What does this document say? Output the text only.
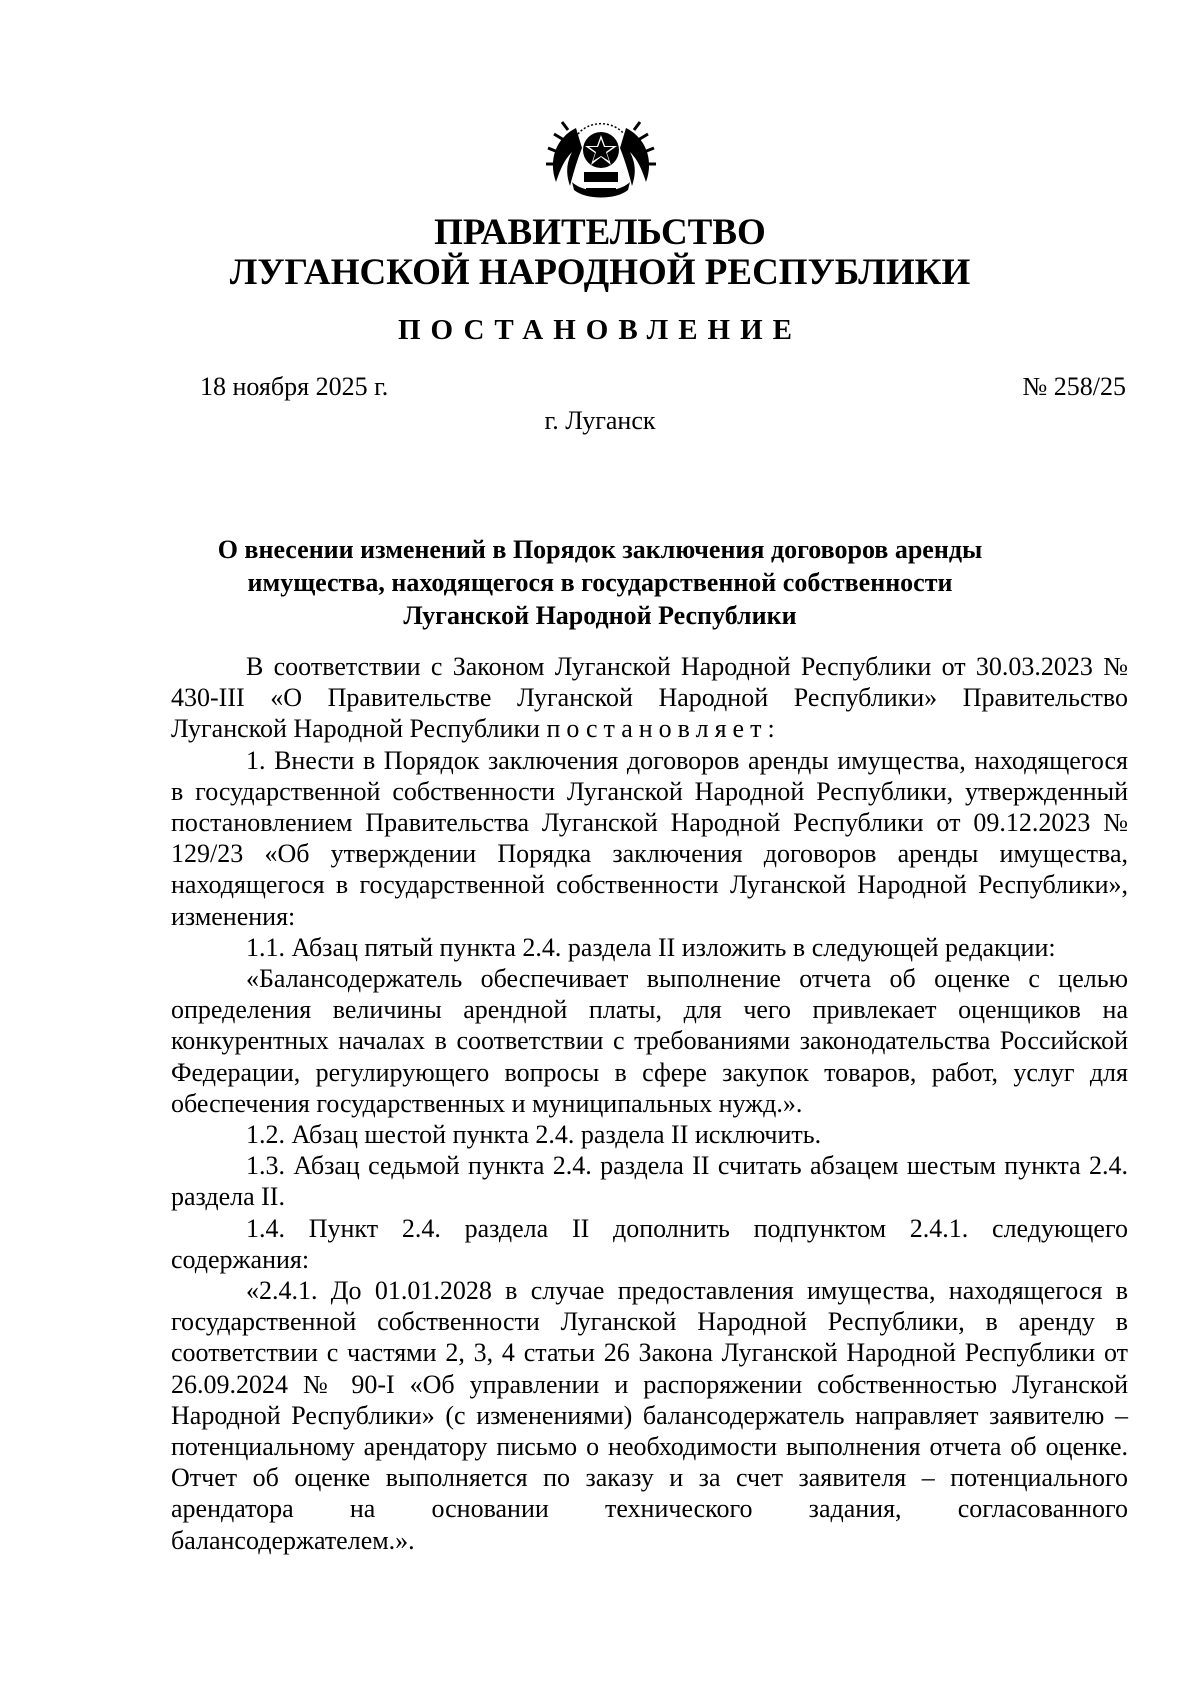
ПРАВИТЕЛЬСТВО
ЛУГАНСКОЙ НАРОДНОЙ РЕСПУБЛИКИ
ПОСТАНОВЛЕНИЕ
18 ноября 2025 г.	№ 258/25
г. Луганск
О внесении изменений в Порядок заключения договоров аренды
имущества, находящегося в государственной собственности
Луганской Народной Республики

В соответствии с Законом Луганской Народной Республики от 30.03.2023 № 430-III «О Правительстве Луганской Народной Республики» Правительство Луганской Народной Республики постановляет:

1. Внести в Порядок заключения договоров аренды имущества, находящегося в государственной собственности Луганской Народной Республики, утвержденный постановлением Правительства Луганской Народной Республики от 09.12.2023 № 129/23 «Об утверждении Порядка заключения договоров аренды имущества, находящегося в государственной собственности Луганской Народной Республики», изменения:

1.1. Абзац пятый пункта 2.4. раздела II изложить в следующей редакции:

«Балансодержатель обеспечивает выполнение отчета об оценке с целью определения величины арендной платы, для чего привлекает оценщиков на конкурентных началах в соответствии с требованиями законодательства Российской Федерации, регулирующего вопросы в сфере закупок товаров, работ, услуг для обеспечения государственных и муниципальных нужд.».

1.2. Абзац шестой пункта 2.4. раздела II исключить.

1.3. Абзац седьмой пункта 2.4. раздела II считать абзацем шестым пункта 2.4. раздела II.

1.4. Пункт 2.4. раздела II дополнить подпунктом 2.4.1. следующего содержания:

«2.4.1. До 01.01.2028 в случае предоставления имущества, находящегося в государственной собственности Луганской Народной Республики, в аренду в соответствии с частями 2, 3, 4 статьи 26 Закона Луганской Народной Республики от 26.09.2024 № 90-I «Об управлении и распоряжении собственностью Луганской Народной Республики» (с изменениями) балансодержатель направляет заявителю – потенциальному арендатору письмо о необходимости выполнения отчета об оценке. Отчет об оценке выполняется по заказу и за счет заявителя – потенциального арендатора на основании технического задания, согласованного балансодержателем.».
